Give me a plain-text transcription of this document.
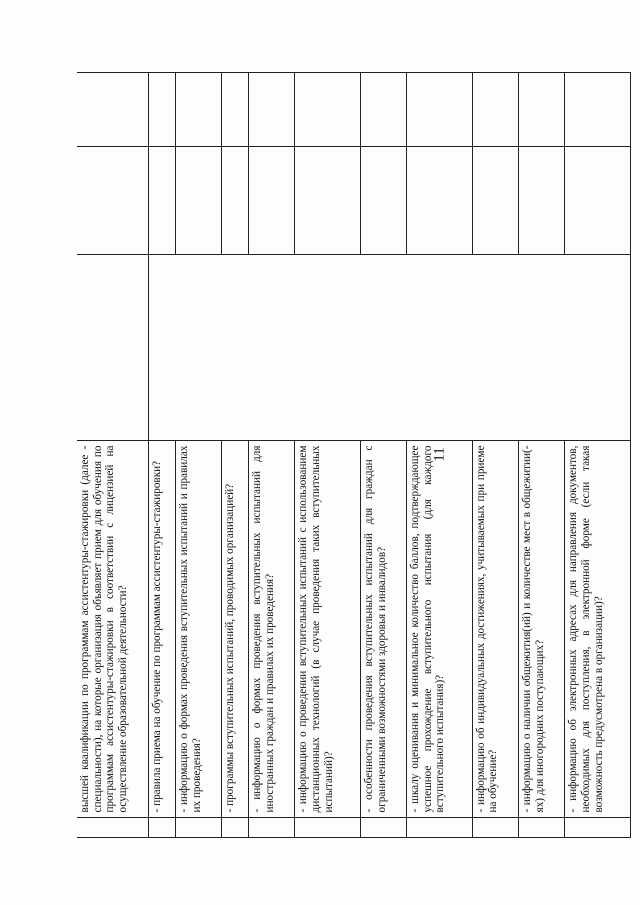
11
	высшей квалификации по программам ассистентуры-стажировки (далее - специальности), на которые организация объявляет прием для обучения по программам ассистентуры-стажировки в соответствии с лицензией на осуществление образовательной деятельности?			
	- правила приема на обучение по программам ассистентуры-стажировки?			
	- информацию о формах проведения вступительных испытаний и правилах их проведения?			
	- программы вступительных испытаний, проводимых организацией?			
	- информацию о формах проведения вступительных испытаний для иностранных граждан и правилах их проведения?			
	- информацию о проведении вступительных испытаний с использованием дистанционных технологий (в случае проведения таких вступительных испытаний)?			
	- особенности проведения вступительных испытаний для граждан с ограниченными возможностями здоровья и инвалидов?			
	- шкалу оценивания и минимальное количество баллов, подтверждающее успешное прохождение вступительного испытания (для каждого вступительного испытания)?			
	- информацию об индивидуальных достижениях, учитываемых при приеме на обучение?			
	- информацию о наличии общежития(ий) и количестве мест в общежитии(-ях) для иногородних поступающих?			
	- информацию об электронных адресах для направления документов, необходимых для поступления, в электронной форме (если такая возможность предусмотрена в организации)?			
